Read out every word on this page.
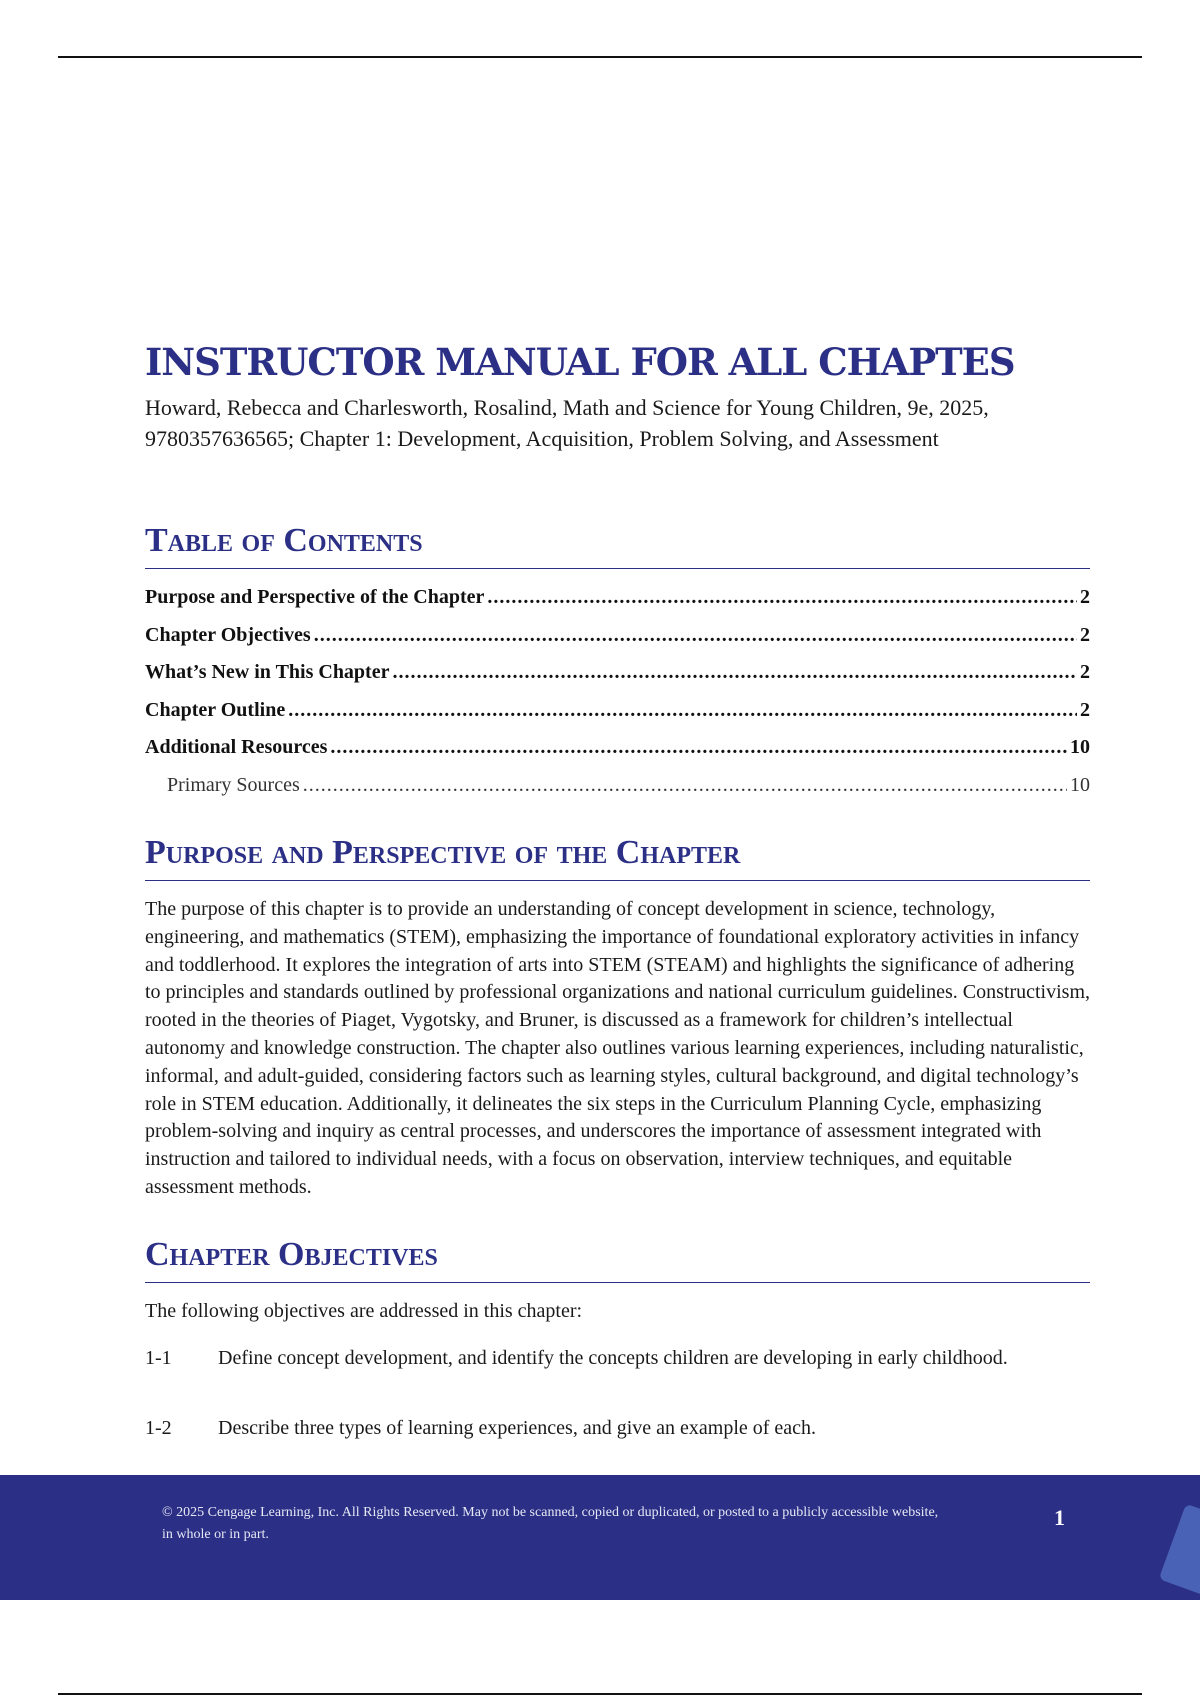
INSTRUCTOR MANUAL FOR ALL CHAPTES

Howard, Rebecca and Charlesworth, Rosalind, Math and Science for Young Children, 9e, 2025, 9780357636565; Chapter 1: Development, Acquisition, Problem Solving, and Assessment

Table of Contents
Purpose and Perspective of the Chapter .....	2
Chapter Objectives .....	2
What’s New in This Chapter .....	2
Chapter Outline .....	2
Additional Resources .....	10
Primary Sources .....	10
Purpose and Perspective of the Chapter

The purpose of this chapter is to provide an understanding of concept development in science, technology, engineering, and mathematics (STEM), emphasizing the importance of foundational exploratory activities in infancy and toddlerhood. It explores the integration of arts into STEM (STEAM) and highlights the significance of adhering to principles and standards outlined by professional organizations and national curriculum guidelines. Constructivism, rooted in the theories of Piaget, Vygotsky, and Bruner, is discussed as a framework for children’s intellectual autonomy and knowledge construction. The chapter also outlines various learning experiences, including naturalistic, informal, and adult-guided, considering factors such as learning styles, cultural background, and digital technology’s role in STEM education. Additionally, it delineates the six steps in the Curriculum Planning Cycle, emphasizing problem-solving and inquiry as central processes, and underscores the importance of assessment integrated with instruction and tailored to individual needs, with a focus on observation, interview techniques, and equitable assessment methods.

Chapter Objectives

The following objectives are addressed in this chapter:

1-1	Define concept development, and identify the concepts children are developing in early childhood.
1-2	Describe three types of learning experiences, and give an example of each.

© 2025 Cengage Learning, Inc. All Rights Reserved. May not be scanned, copied or duplicated, or posted to a publicly accessible website, in whole or in part.

1
